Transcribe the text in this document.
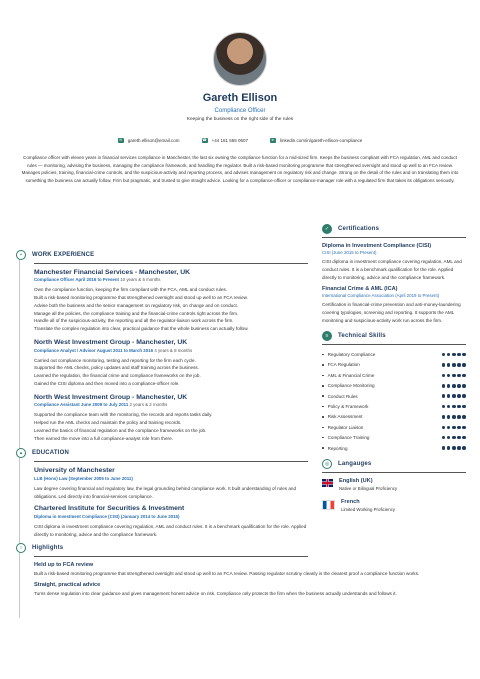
Gareth Ellison
Compliance Officer
Keeping the business on the right side of the rules
✉	gareth.ellison@email.com	☎ +44 161 555 0607	in	linkedin.com/in/gareth-ellison-compliance
Compliance officer with eleven years in financial services compliance in Manchester, the last six owning the compliance function for a mid-sized firm. Keeps the business compliant with FCA regulation, AML and conduct rules — monitoring, advising the business, managing the compliance framework, and handling the regulator. Built a risk-based monitoring programme that strengthened oversight and stood up well to an FCA review. Manages policies, training, financial-crime controls, and the suspicious-activity and reporting process, and advises management on regulatory risk and change. Strong on the detail of the rules and on translating them into something the business can actually follow. Firm but pragmatic, and trusted to give straight advice. Looking for a compliance-officer or compliance-manager role with a regulated firm that takes its obligations seriously.
▪	WORK EXPERIENCE
Manchester Financial Services - Manchester, UK
Compliance Officer April 2016 to Present 10 years & 5 months
Own the compliance function, keeping the firm compliant with the FCA, AML and conduct rules.
Built a risk-based monitoring programme that strengthened oversight and stood up well to an FCA review.
Advise both the business and the senior management on regulatory risk, on change and on conduct.
Manage all the policies, the compliance training and the financial-crime controls right across the firm.
Handle all of the suspicious-activity, the reporting and all the regulator-liaison work across the firm.
Translate the complex regulation into clear, practical guidance that the whole business can actually follow.
North West Investment Group - Manchester, UK
Compliance Analyst / Advisor August 2011 to March 2016 4 years & 8 months
Carried out compliance monitoring, testing and reporting for the firm each cycle.
Supported the AML checks, policy updates and staff training across the business.
Learned the regulation, the financial crime and compliance frameworks on the job.
Gained the CISI diploma and then moved into a compliance-officer role.
North West Investment Group - Manchester, UK
Compliance Assistant June 2009 to July 2011 2 years & 2 months
Supported the compliance team with the monitoring, the records and reports tasks daily.
Helped run the AML checks and maintain the policy and training records.
Learned the basics of financial regulation and the compliance frameworks on the job.
Then earned the move into a full compliance-analyst role from there.
▴	EDUCATION
University of Manchester
LLB (Hons) Law (September 2005 to June 2011)
Law degree covering financial and regulatory law, the legal grounding behind compliance work. It built understanding of rules and obligations. Led directly into financial-services compliance.
Chartered Institute for Securities & Investment
Diploma in Investment Compliance (CISI) (January 2014 to June 2015)
CISI diploma in investment compliance covering regulation, AML and conduct rules. It is a benchmark qualification for the role. Applied directly to monitoring, advice and the compliance framework.
○	Highlights
Held up to FCA review
Built a risk-based monitoring programme that strengthened oversight and stood up well to an FCA review. Passing regulator scrutiny cleanly is the clearest proof a compliance function works.
Straight, practical advice
Turns dense regulation into clear guidance and gives management honest advice on risk. Compliance only protects the firm when the business actually understands and follows it.
✓	Certifications
Diploma in Investment Compliance (CISI)
CISI (June 2015 to Present)
CISI diploma in investment compliance covering regulation, AML and conduct rules. It is a benchmark qualification for the role. Applied directly to monitoring, advice and the compliance framework.
Financial Crime & AML (ICA)
International Compliance Association (April 2019 to Present)
Certification in financial-crime prevention and anti-money-laundering covering typologies, screening and reporting. It supports the AML monitoring and suspicious-activity work run across the firm.
≡	Technical Skills
Regulatory Compliance
FCA Regulation
AML & Financial Crime
Compliance Monitoring
Conduct Rules
Policy & Framework
Risk Assessment
Regulator Liaison
Compliance Training
Reporting
◎	Langauges
English (UK)
Native or Bilingual Proficiency
French
Limited Working Proficiency
